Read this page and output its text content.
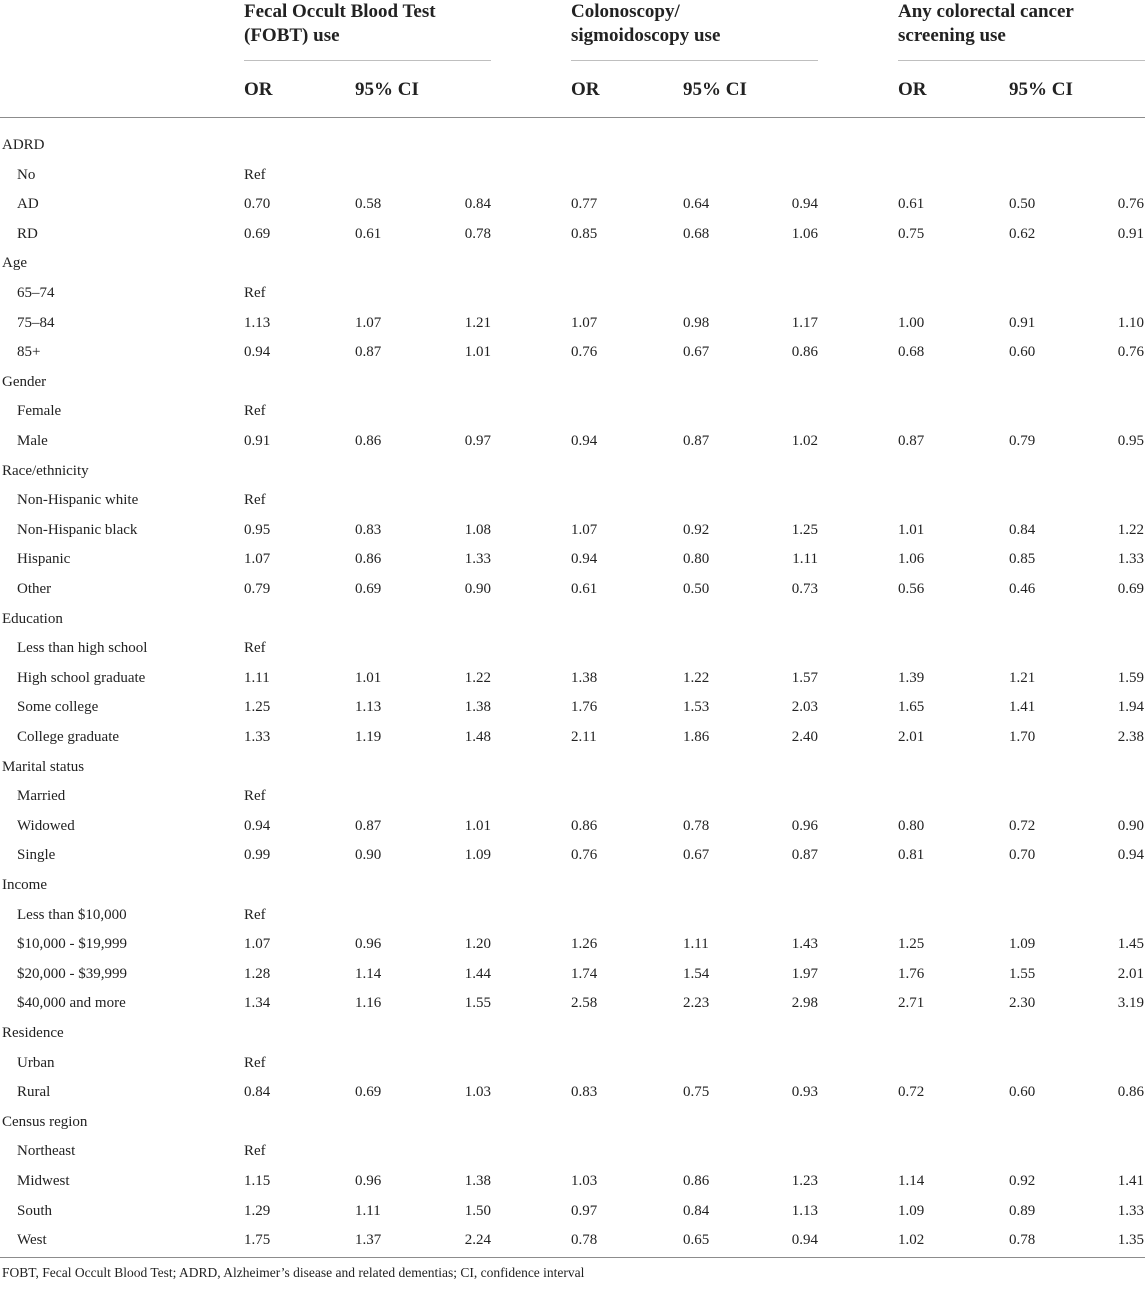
Fecal Occult Blood Test
(FOBT) use
Colonoscopy/
sigmoidoscopy use
Any colorectal cancer
screening use
OR	95% CI	OR	95% CI	OR	95% CI
ADRD
No	Ref
AD	0.70	0.58	0.84	0.77	0.64	0.94	0.61	0.50	0.76
RD	0.69	0.61	0.78	0.85	0.68	1.06	0.75	0.62	0.91
Age
65–74	Ref
75–84	1.13	1.07	1.21	1.07	0.98	1.17	1.00	0.91	1.10
85+	0.94	0.87	1.01	0.76	0.67	0.86	0.68	0.60	0.76
Gender
Female	Ref
Male	0.91	0.86	0.97	0.94	0.87	1.02	0.87	0.79	0.95
Race/ethnicity
Non-Hispanic white	Ref
Non-Hispanic black	0.95	0.83	1.08	1.07	0.92	1.25	1.01	0.84	1.22
Hispanic	1.07	0.86	1.33	0.94	0.80	1.11	1.06	0.85	1.33
Other	0.79	0.69	0.90	0.61	0.50	0.73	0.56	0.46	0.69
Education
Less than high school	Ref
High school graduate	1.11	1.01	1.22	1.38	1.22	1.57	1.39	1.21	1.59
Some college	1.25	1.13	1.38	1.76	1.53	2.03	1.65	1.41	1.94
College graduate	1.33	1.19	1.48	2.11	1.86	2.40	2.01	1.70	2.38
Marital status
Married	Ref
Widowed	0.94	0.87	1.01	0.86	0.78	0.96	0.80	0.72	0.90
Single	0.99	0.90	1.09	0.76	0.67	0.87	0.81	0.70	0.94
Income
Less than $10,000	Ref
$10,000 - $19,999	1.07	0.96	1.20	1.26	1.11	1.43	1.25	1.09	1.45
$20,000 - $39,999	1.28	1.14	1.44	1.74	1.54	1.97	1.76	1.55	2.01
$40,000 and more	1.34	1.16	1.55	2.58	2.23	2.98	2.71	2.30	3.19
Residence
Urban	Ref
Rural	0.84	0.69	1.03	0.83	0.75	0.93	0.72	0.60	0.86
Census region
Northeast	Ref
Midwest	1.15	0.96	1.38	1.03	0.86	1.23	1.14	0.92	1.41
South	1.29	1.11	1.50	0.97	0.84	1.13	1.09	0.89	1.33
West	1.75	1.37	2.24	0.78	0.65	0.94	1.02	0.78	1.35
FOBT, Fecal Occult Blood Test; ADRD, Alzheimer’s disease and related dementias; CI, confidence interval
